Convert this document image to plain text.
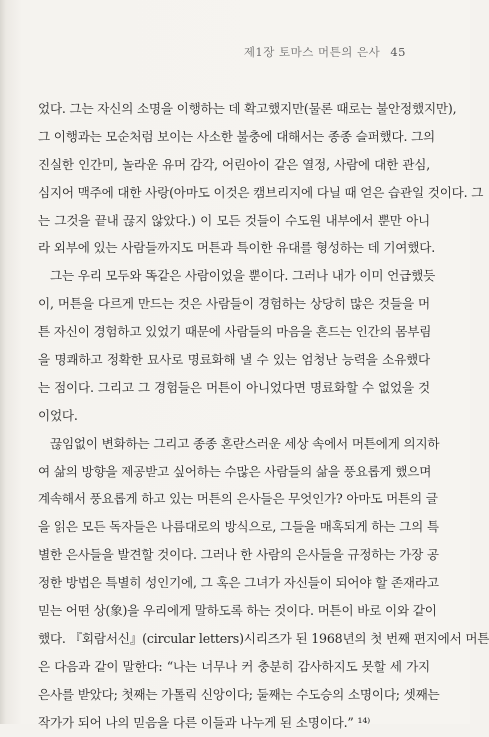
제1장 토마스 머튼의 은사 45
었다. 그는 자신의 소명을 이행하는 데 확고했지만(물론 때로는 불안정했지만),
그 이행과는 모순처럼 보이는 사소한 불충에 대해서는 종종 슬퍼했다. 그의
진실한 인간미, 놀라운 유머 감각, 어린아이 같은 열정, 사람에 대한 관심,
심지어 맥주에 대한 사랑(아마도 이것은 캠브리지에 다닐 때 얻은 습관일 것이다. 그
는 그것을 끝내 끊지 않았다.) 이 모든 것들이 수도원 내부에서 뿐만 아니
라 외부에 있는 사람들까지도 머튼과 특이한 유대를 형성하는 데 기여했다.
그는 우리 모두와 똑같은 사람이었을 뿐이다. 그러나 내가 이미 언급했듯
이, 머튼을 다르게 만드는 것은 사람들이 경험하는 상당히 많은 것들을 머
튼 자신이 경험하고 있었기 때문에 사람들의 마음을 흔드는 인간의 몸부림
을 명쾌하고 정확한 묘사로 명료화해 낼 수 있는 엄청난 능력을 소유했다
는 점이다. 그리고 그 경험들은 머튼이 아니었다면 명료화할 수 없었을 것
이었다.
끊임없이 변화하는 그리고 종종 혼란스러운 세상 속에서 머튼에게 의지하
여 삶의 방향을 제공받고 싶어하는 수많은 사람들의 삶을 풍요롭게 했으며
계속해서 풍요롭게 하고 있는 머튼의 은사들은 무엇인가? 아마도 머튼의 글
을 읽은 모든 독자들은 나름대로의 방식으로, 그들을 매혹되게 하는 그의 특
별한 은사들을 발견할 것이다. 그러나 한 사람의 은사들을 규정하는 가장 공
정한 방법은 특별히 성인기에, 그 혹은 그녀가 자신들이 되어야 할 존재라고
믿는 어떤 상(象)을 우리에게 말하도록 하는 것이다. 머튼이 바로 이와 같이
했다. 『회람서신』(circular letters)시리즈가 된 1968년의 첫 번째 편지에서 머튼
은 다음과 같이 말한다: “나는 너무나 커 충분히 감사하지도 못할 세 가지
은사를 받았다; 첫째는 가톨릭 신앙이다; 둘째는 수도승의 소명이다; 셋째는
작가가 되어 나의 믿음을 다른 이들과 나누게 된 소명이다.” ¹⁴⁾
